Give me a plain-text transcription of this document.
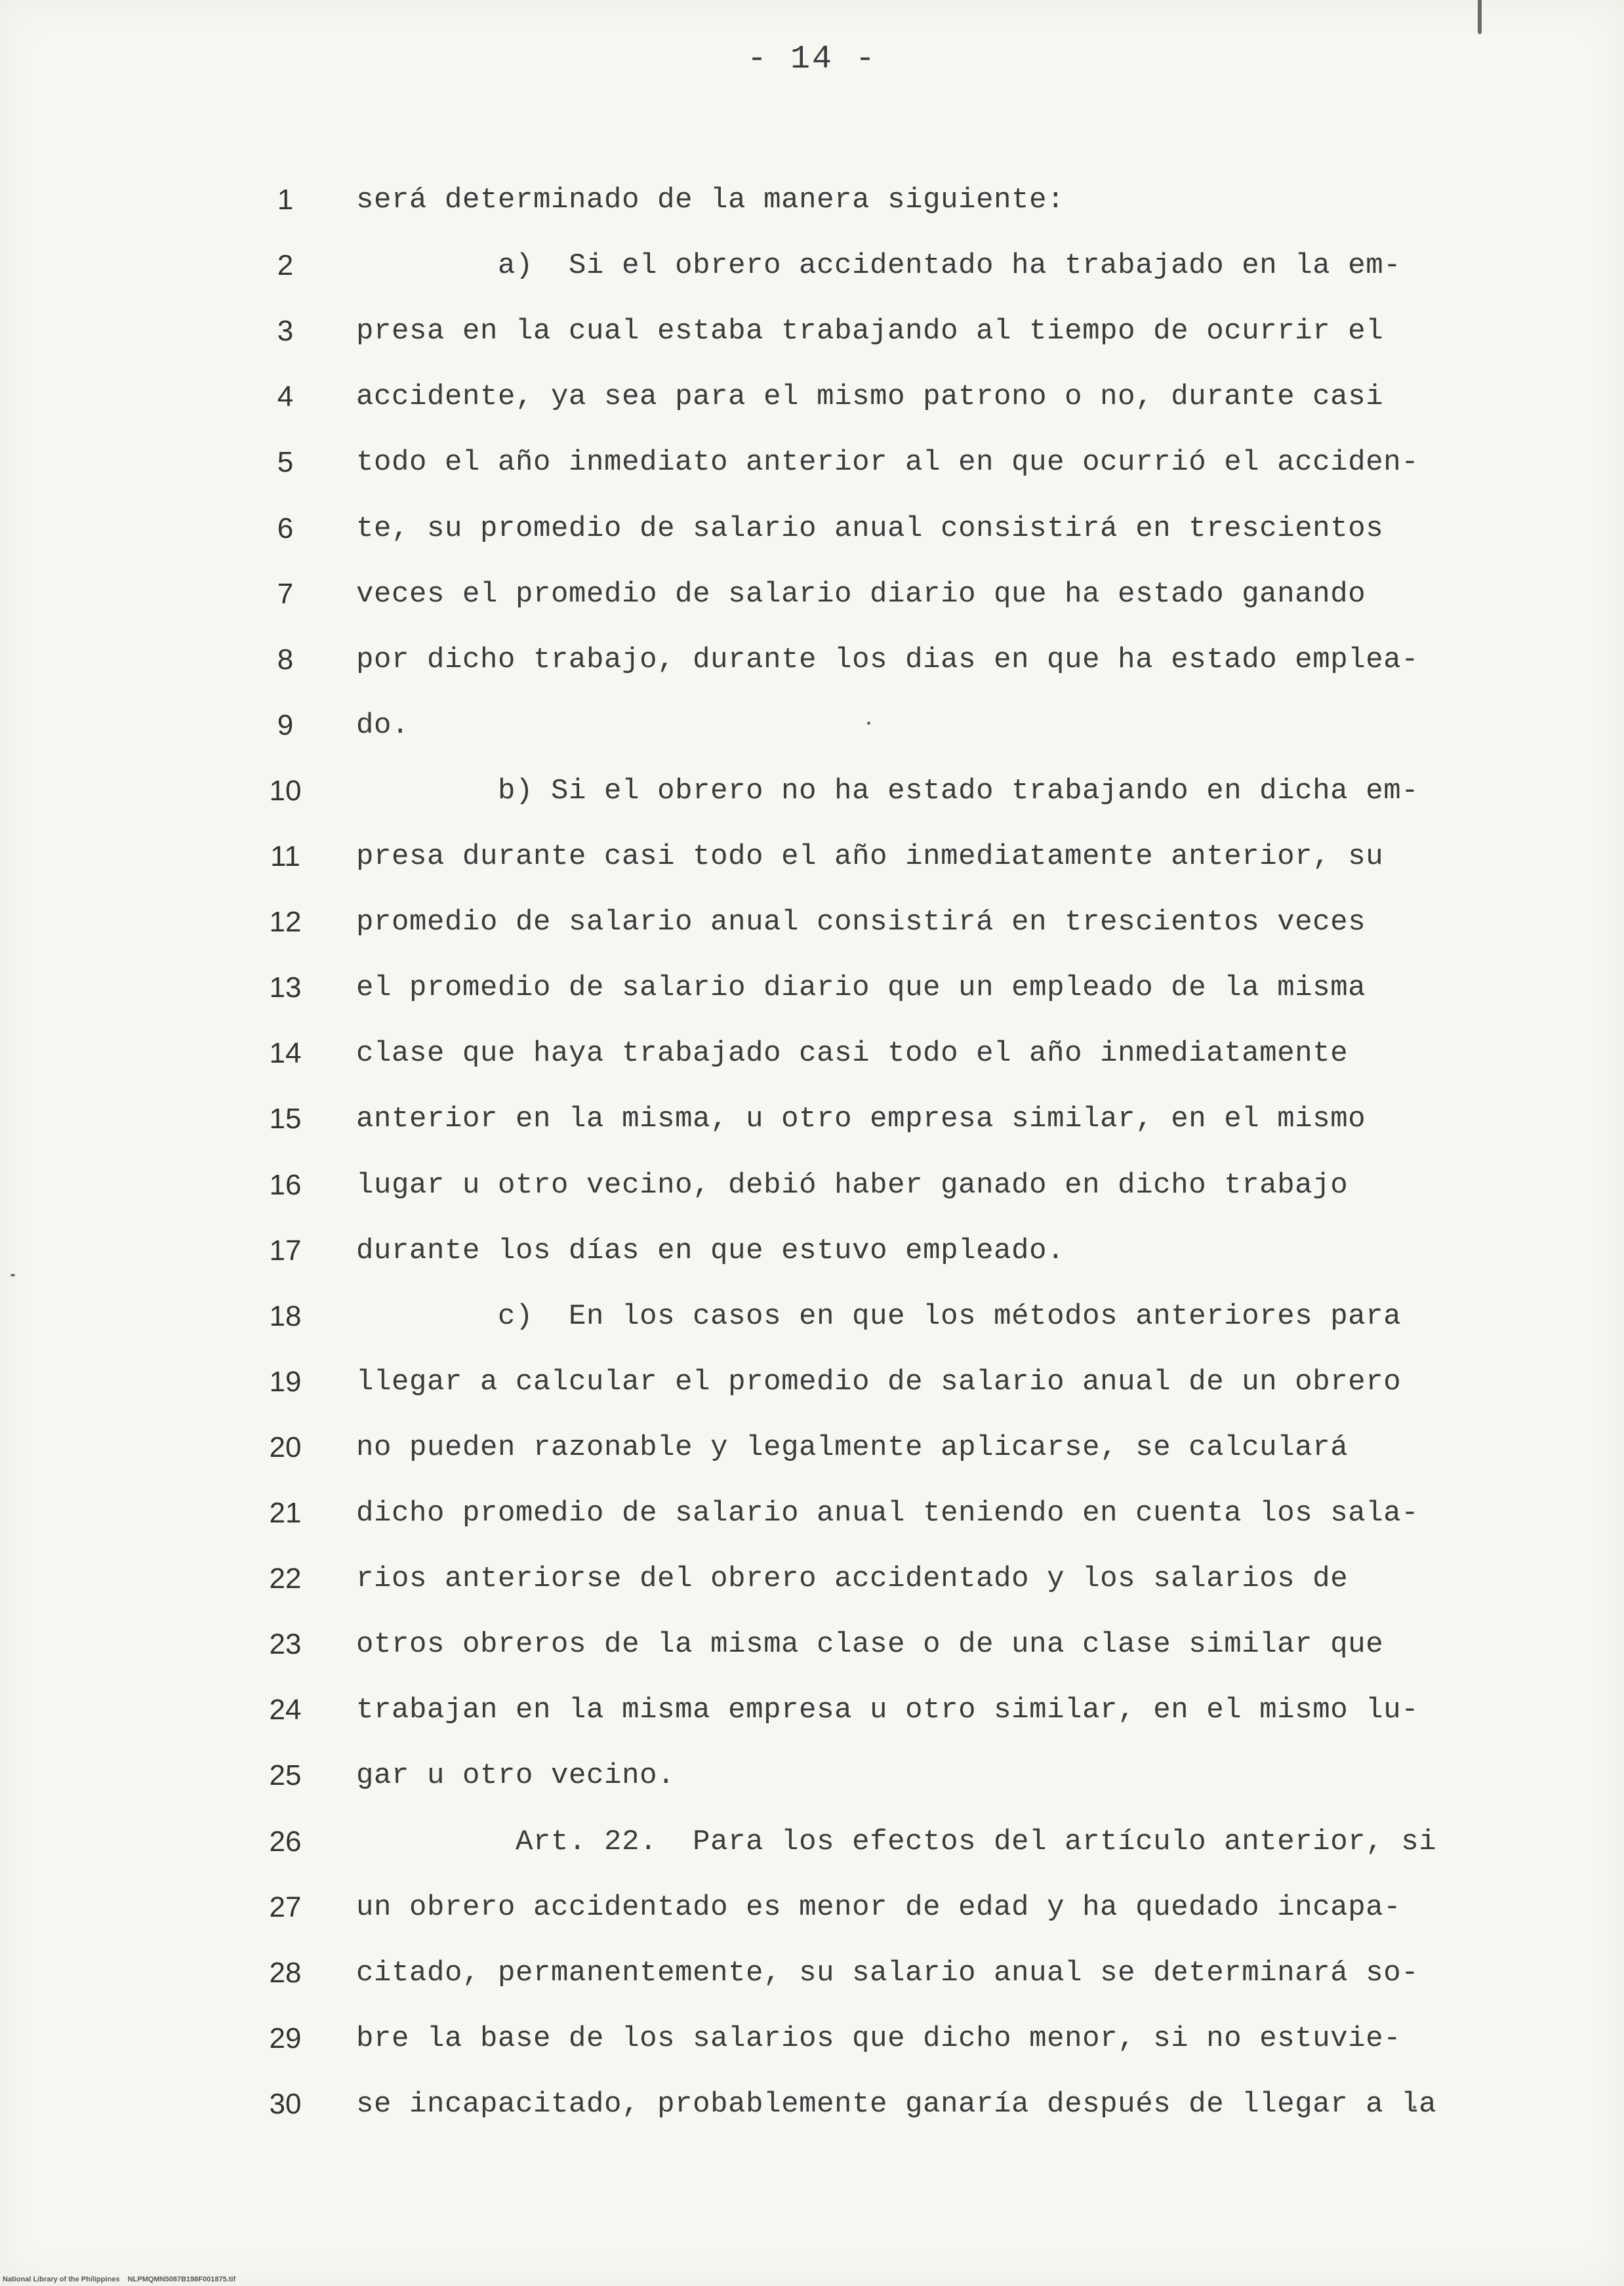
- 14 -
1	será determinado de la manera siguiente:
2	a)  Si el obrero accidentado ha trabajado en la em-
3	presa en la cual estaba trabajando al tiempo de ocurrir el
4	accidente, ya sea para el mismo patrono o no, durante casi
5	todo el año inmediato anterior al en que ocurrió el acciden-
6	te, su promedio de salario anual consistirá en trescientos
7	veces el promedio de salario diario que ha estado ganando
8	por dicho trabajo, durante los dias en que ha estado emplea-
9	do.
10	b) Si el obrero no ha estado trabajando en dicha em-
11	presa durante casi todo el año inmediatamente anterior, su
12	promedio de salario anual consistirá en trescientos veces
13	el promedio de salario diario que un empleado de la misma
14	clase que haya trabajado casi todo el año inmediatamente
15	anterior en la misma, u otro empresa similar, en el mismo
16	lugar u otro vecino, debió haber ganado en dicho trabajo
17	durante los días en que estuvo empleado.
18	c)  En los casos en que los métodos anteriores para
19	llegar a calcular el promedio de salario anual de un obrero
20	no pueden razonable y legalmente aplicarse, se calculará
21	dicho promedio de salario anual teniendo en cuenta los sala-
22	rios anteriorse del obrero accidentado y los salarios de
23	otros obreros de la misma clase o de una clase similar que
24	trabajan en la misma empresa u otro similar, en el mismo lu-
25	gar u otro vecino.
26	Art. 22.  Para los efectos del artículo anterior, si
27	un obrero accidentado es menor de edad y ha quedado incapa-
28	citado, permanentemente, su salario anual se determinará so-
29	bre la base de los salarios que dicho menor, si no estuvie-
30	se incapacitado, probablemente ganaría después de llegar a la
National Library of the Philippines    NLPMQMN5087B198F001875.tif
